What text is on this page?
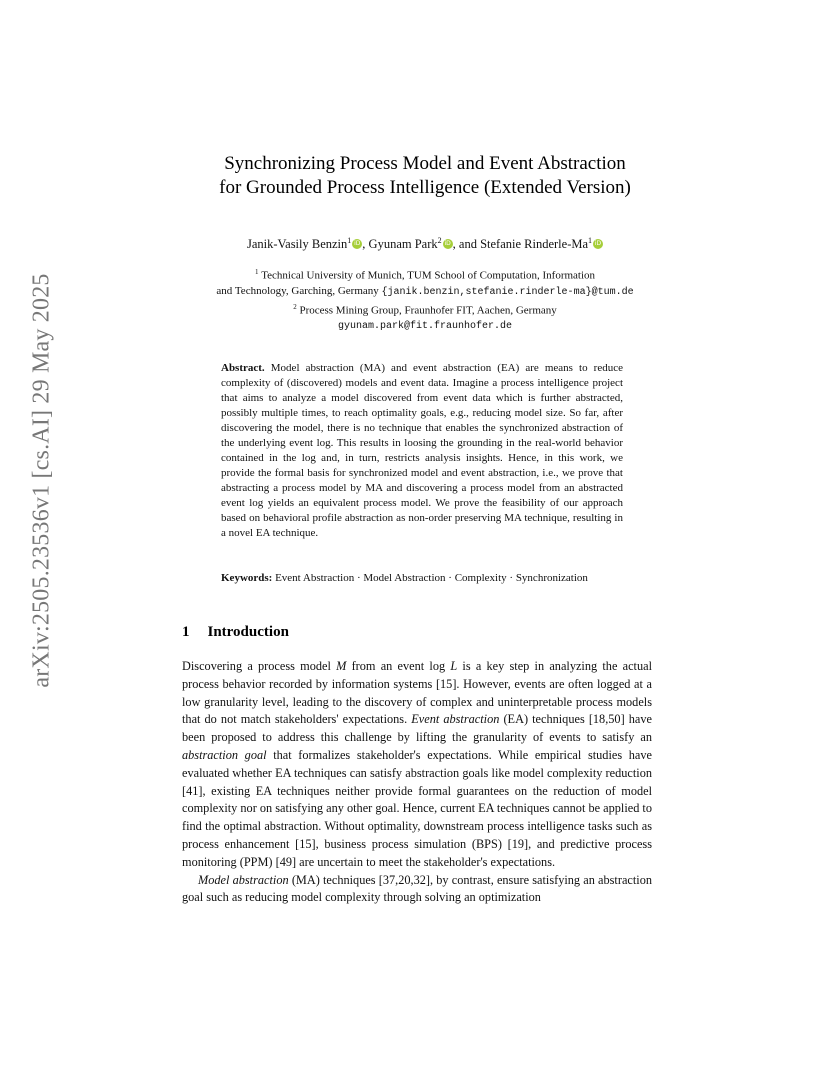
arXiv:2505.23536v1 [cs.AI] 29 May 2025
Synchronizing Process Model and Event Abstraction
for Grounded Process Intelligence (Extended Version)
Janik-Vasily Benzin$^1$ iD , Gyunam Park$^2$ iD , and Stefanie Rinderle-Ma$^1$ iD
$^1$ Technical University of Munich, TUM School of Computation, Information
and Technology, Garching, Germany {janik.benzin,stefanie.rinderle-ma}@tum.de
$^2$ Process Mining Group, Fraunhofer FIT, Aachen, Germany
gyunam.park@fit.fraunhofer.de
Abstract. Model abstraction (MA) and event abstraction (EA) are means to reduce complexity of (discovered) models and event data. Imagine a process intelligence project that aims to analyze a model discovered from event data which is further abstracted, possibly multiple times, to reach optimality goals, e.g., reducing model size. So far, after discovering the model, there is no technique that enables the synchronized abstraction of the underlying event log. This results in loosing the grounding in the real-world behavior contained in the log and, in turn, restricts analysis insights. Hence, in this work, we provide the formal basis for synchronized model and event abstraction, i.e., we prove that abstracting a process model by MA and discovering a process model from an abstracted event log yields an equivalent process model. We prove the feasibility of our approach based on behavioral profile abstraction as non-order preserving MA technique, resulting in a novel EA technique.
Keywords: Event Abstraction · Model Abstraction · Complexity · Synchronization
1 Introduction

Discovering a process model M from an event log L is a key step in analyzing the actual process behavior recorded by information systems [15]. However, events are often logged at a low granularity level, leading to the discovery of complex and uninterpretable process models that do not match stakeholders' expectations. Event abstraction (EA) techniques [18,50] have been proposed to address this challenge by lifting the granularity of events to satisfy an abstraction goal that formalizes stakeholder's expectations. While empirical studies have evaluated whether EA techniques can satisfy abstraction goals like model complexity reduction [41], existing EA techniques neither provide formal guarantees on the reduction of model complexity nor on satisfying any other goal. Hence, current EA techniques cannot be applied to find the optimal abstraction. Without optimality, downstream process intelligence tasks such as process enhancement [15], business process simulation (BPS) [19], and predictive process monitoring (PPM) [49] are uncertain to meet the stakeholder's expectations.

Model abstraction (MA) techniques [37,20,32], by contrast, ensure satisfying an abstraction goal such as reducing model complexity through solving an optimization
